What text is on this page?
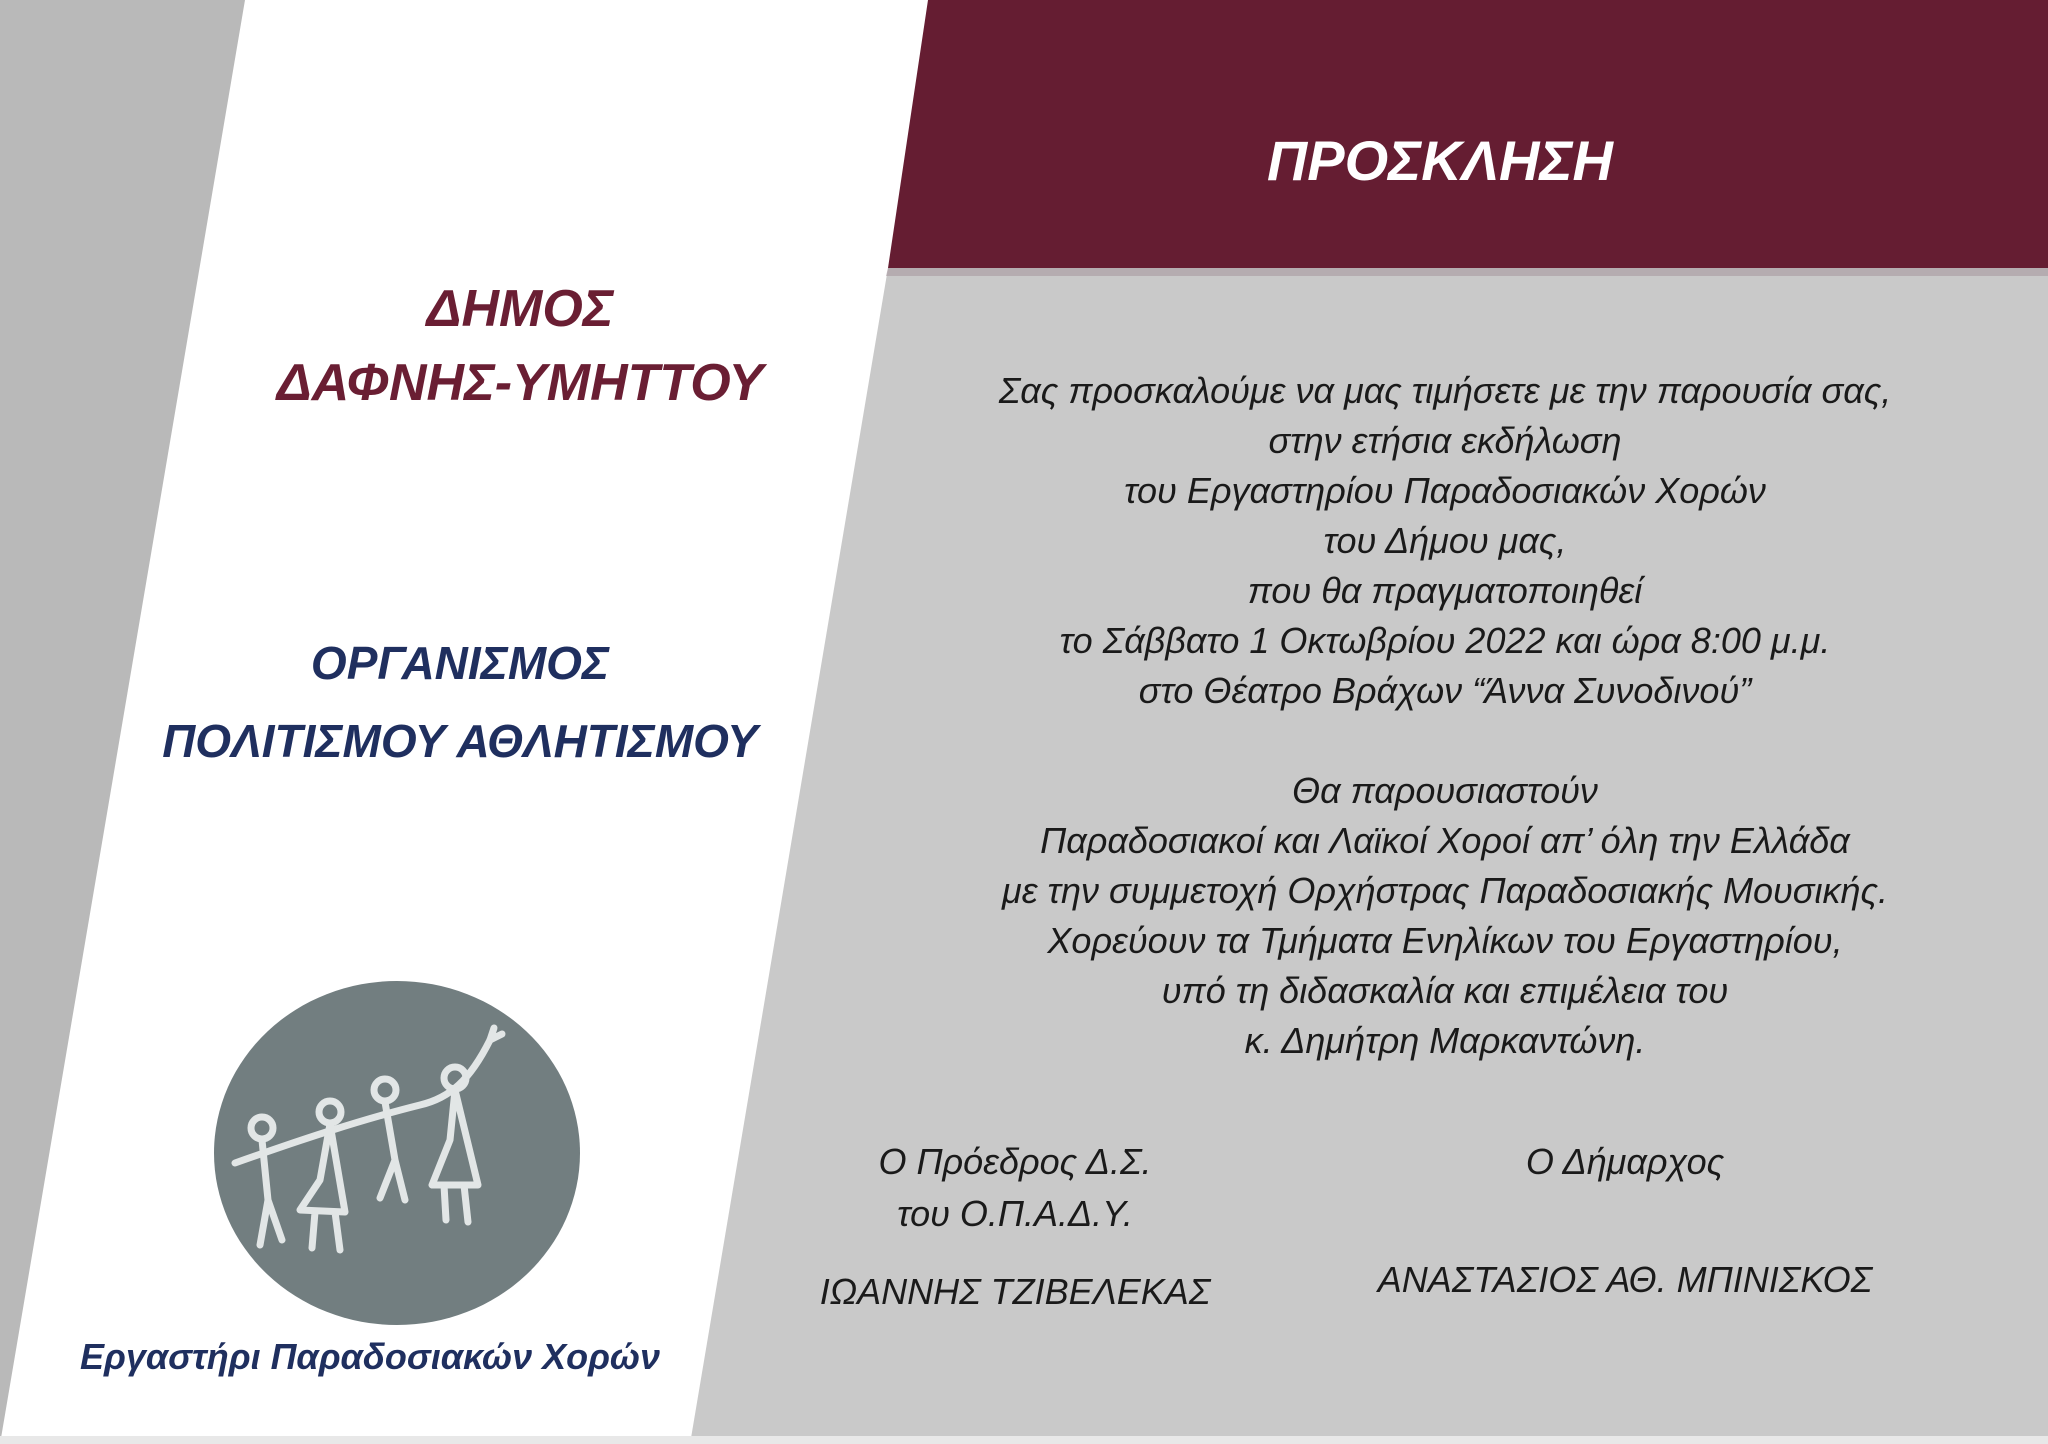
ΠΡΟΣΚΛΗΣΗ
ΔΗΜΟΣ
ΔΑΦΝΗΣ-ΥΜΗΤΤΟΥ
ΟΡΓΑΝΙΣΜΟΣ
ΠΟΛΙΤΙΣΜΟΥ ΑΘΛΗΤΙΣΜΟΥ
Σας προσκαλούμε να μας τιμήσετε με την παρουσία σας,
στην ετήσια εκδήλωση
του Εργαστηρίου Παραδοσιακών Χορών
του Δήμου μας,
που θα πραγματοποιηθεί
το Σάββατο 1 Οκτωβρίου 2022 και ώρα 8:00 μ.μ.
στο Θέατρο Βράχων “Άννα Συνοδινού”
Θα παρουσιαστούν
Παραδοσιακοί και Λαϊκοί Χοροί απ’ όλη την Ελλάδα
με την συμμετοχή Ορχήστρας Παραδοσιακής Μουσικής.
Χορεύουν τα Τμήματα Ενηλίκων του Εργαστηρίου,
υπό τη διδασκαλία και επιμέλεια του
κ. Δημήτρη Μαρκαντώνη.
Ο Πρόεδρος Δ.Σ.
του Ο.Π.Α.Δ.Υ.
ΙΩΑΝΝΗΣ ΤΖΙΒΕΛΕΚΑΣ
Ο Δήμαρχος
ΑΝΑΣΤΑΣΙΟΣ ΑΘ. ΜΠΙΝΙΣΚΟΣ
Εργαστήρι Παραδοσιακών Χορών
